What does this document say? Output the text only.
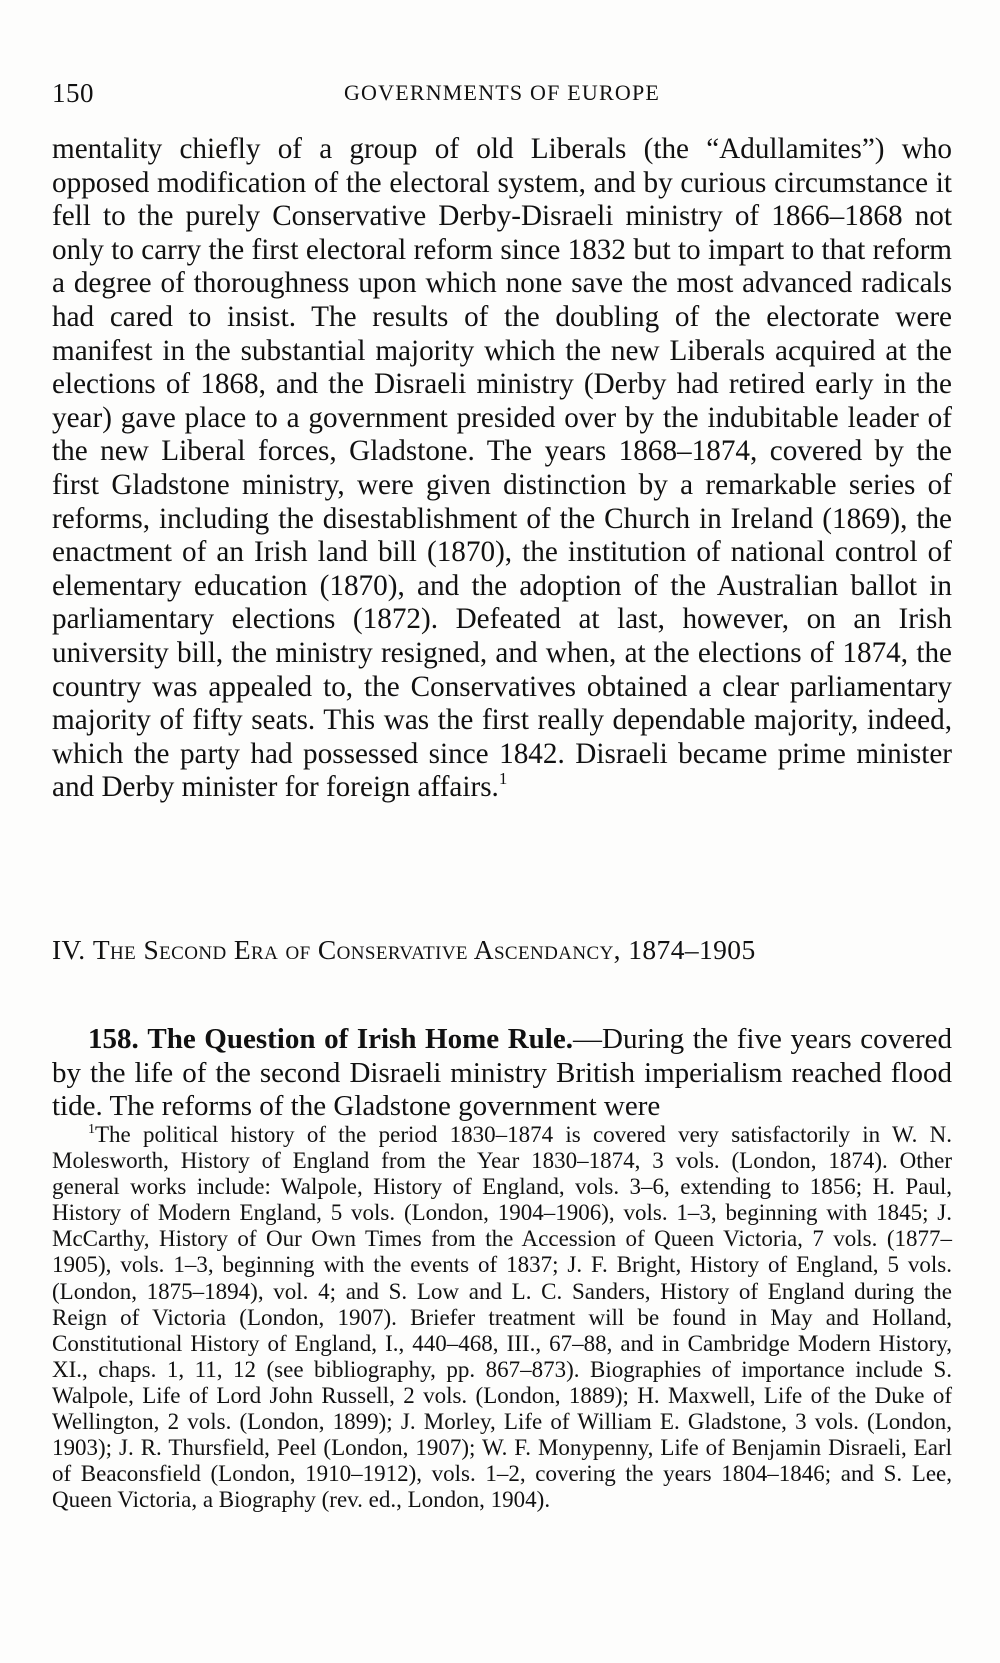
150	GOVERNMENTS OF EUROPE

mentality chiefly of a group of old Liberals (the “Adullamites”) who opposed modification of the electoral system, and by curious circumstance it fell to the purely Conservative Derby-Disraeli ministry of 1866–1868 not only to carry the first electoral reform since 1832 but to impart to that reform a degree of thoroughness upon which none save the most advanced radicals had cared to insist. The results of the doubling of the electorate were manifest in the substantial majority which the new Liberals acquired at the elections of 1868, and the Disraeli ministry (Derby had retired early in the year) gave place to a government presided over by the indubitable leader of the new Liberal forces, Gladstone. The years 1868–1874, covered by the first Gladstone ministry, were given distinction by a remarkable series of reforms, including the disestablishment of the Church in Ireland (1869), the enactment of an Irish land bill (1870), the institution of national control of elementary education (1870), and the adoption of the Australian ballot in parliamentary elections (1872). Defeated at last, however, on an Irish university bill, the ministry resigned, and when, at the elections of 1874, the country was appealed to, the Conservatives obtained a clear parliamentary majority of fifty seats. This was the first really dependable majority, indeed, which the party had possessed since 1842. Disraeli became prime minister and Derby minister for foreign affairs.$^1$

IV. The Second Era of Conservative Ascendancy, 1874–1905

158. The Question of Irish Home Rule.—During the five years covered by the life of the second Disraeli ministry British imperialism reached flood tide. The reforms of the Gladstone government were

$^1$The political history of the period 1830–1874 is covered very satisfactorily in W. N. Molesworth, History of England from the Year 1830–1874, 3 vols. (London, 1874). Other general works include: Walpole, History of England, vols. 3–6, extending to 1856; H. Paul, History of Modern England, 5 vols. (London, 1904–1906), vols. 1–3, beginning with 1845; J. McCarthy, History of Our Own Times from the Accession of Queen Victoria, 7 vols. (1877–1905), vols. 1–3, beginning with the events of 1837; J. F. Bright, History of England, 5 vols. (London, 1875–1894), vol. 4; and S. Low and L. C. Sanders, History of England during the Reign of Victoria (London, 1907). Briefer treatment will be found in May and Holland, Constitutional History of England, I., 440–468, III., 67–88, and in Cambridge Modern History, XI., chaps. 1, 11, 12 (see bibliography, pp. 867–873). Biographies of importance include S. Walpole, Life of Lord John Russell, 2 vols. (London, 1889); H. Maxwell, Life of the Duke of Wellington, 2 vols. (London, 1899); J. Morley, Life of William E. Gladstone, 3 vols. (London, 1903); J. R. Thursfield, Peel (London, 1907); W. F. Monypenny, Life of Benjamin Disraeli, Earl of Beaconsfield (London, 1910–1912), vols. 1–2, covering the years 1804–1846; and S. Lee, Queen Victoria, a Biography (rev. ed., London, 1904).
